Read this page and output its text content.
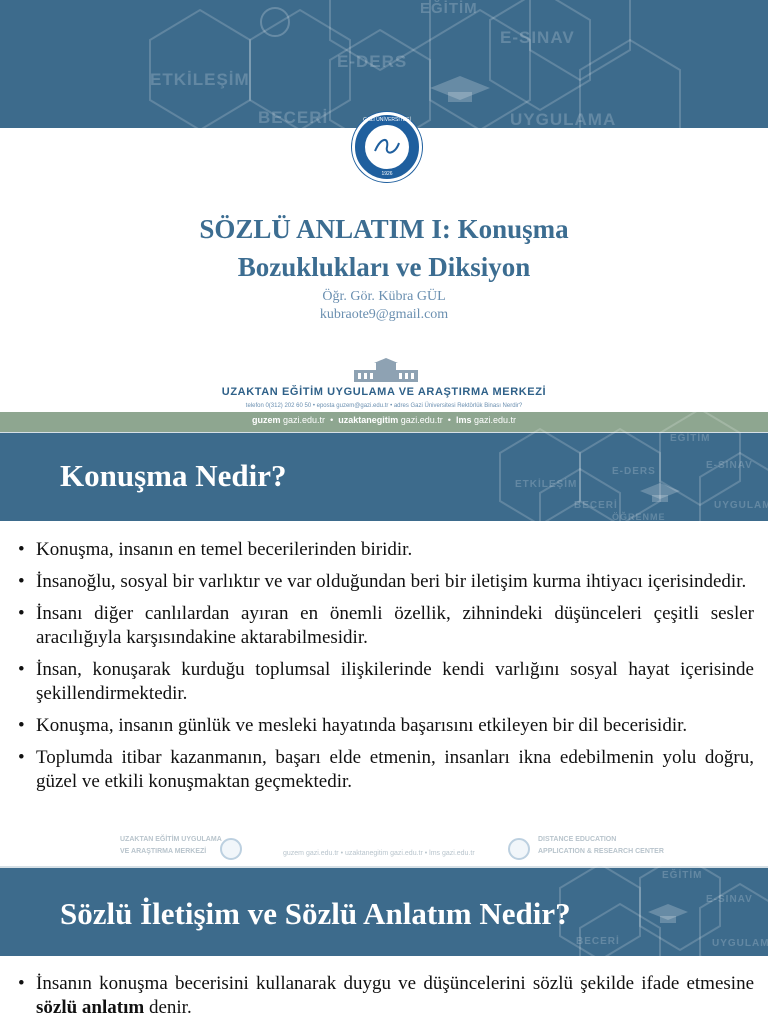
ETKİLEŞİM
E-DERS
E-SINAV
BECERİ	UYGULAMA
EĞİTİM
GAZİ ÜNİVERSİTESİ
1926
SÖZLÜ ANLATIM I: Konuşma
Bozuklukları ve Diksiyon
Öğr. Gör. Kübra GÜL
kubraote9@gmail.com
UZAKTAN EĞİTİM UYGULAMA VE ARAŞTIRMA MERKEZİ
telefon 0(312) 202 60 50 • eposta guzem@gazi.edu.tr • adres Gazi Üniversitesi Rektörlük Binası Nerdir?
guzem gazi.edu.tr  •  uzaktanegitim gazi.edu.tr  •  lms gazi.edu.tr
EĞİTİM
E-DERS
E-SINAV
ETKİLEŞİM
BECERİ	UYGULAMA
ÖĞRENME
Konuşma Nedir?
• Konuşma, insanın en temel becerilerinden biridir.
• İnsanoğlu, sosyal bir varlıktır ve var olduğundan beri bir iletişim kurma ihtiyacı içerisindedir.
• İnsanı diğer canlılardan ayıran en önemli özellik, zihnindeki düşünceleri çeşitli sesler aracılığıyla karşısındakine aktarabilmesidir.
• İnsan, konuşarak kurduğu toplumsal ilişkilerinde kendi varlığını sosyal hayat içerisinde şekillendirmektedir.
• Konuşma, insanın günlük ve mesleki hayatında başarısını etkileyen bir dil becerisidir.
• Toplumda itibar kazanmanın, başarı elde etmenin, insanları ikna edebilmenin yolu doğru, güzel ve etkili konuşmaktan geçmektedir.
UZAKTAN EĞİTİM UYGULAMA
VE ARAŞTIRMA MERKEZİ	guzem gazi.edu.tr • uzaktanegitim gazi.edu.tr • lms gazi.edu.tr
DISTANCE EDUCATION
APPLICATION & RESEARCH CENTER
EĞİTİM
E-SINAV
BECERİ	UYGULAMA
Sözlü İletişim ve Sözlü Anlatım Nedir?
• İnsanın konuşma becerisini kullanarak duygu ve düşüncelerini sözlü şekilde ifade etmesine sözlü anlatım denir.
